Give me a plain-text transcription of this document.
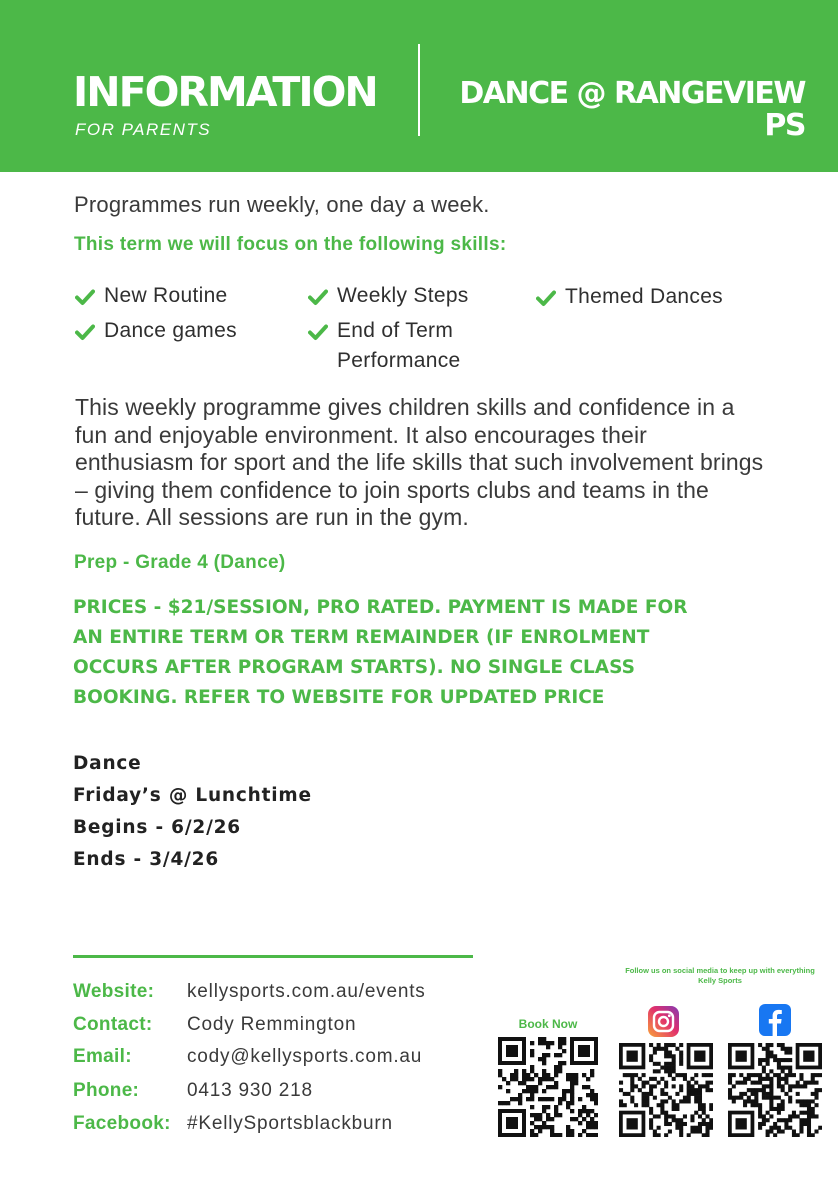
INFORMATION
FOR PARENTS
DANCE @ RANGEVIEW PS
Programmes run weekly, one day a week.
This term we will focus on the following skills:
New Routine	Weekly Steps	Themed Dances
Dance games	End of Term Performance
This weekly programme gives children skills and confidence in a fun and enjoyable environment. It also encourages their enthusiasm for sport and the life skills that such involvement brings – giving them confidence to join sports clubs and teams in the future. All sessions are run in the gym.
Prep - Grade 4 (Dance)
PRICES - $21/SESSION, PRO RATED. PAYMENT IS MADE FOR AN ENTIRE TERM OR TERM REMAINDER (IF ENROLMENT OCCURS AFTER PROGRAM STARTS). NO SINGLE CLASS BOOKING. REFER TO WEBSITE FOR UPDATED PRICE
Dance
Friday’s @ Lunchtime
Begins - 6/2/26
Ends - 3/4/26
Website:	kellysports.com.au/events
Contact:	Cody Remmington
Email:	cody@kellysports.com.au
Phone:	0413 930 218
Facebook: #KellySportsblackburn
Follow us on social media to keep up with everything Kelly Sports
Book Now
